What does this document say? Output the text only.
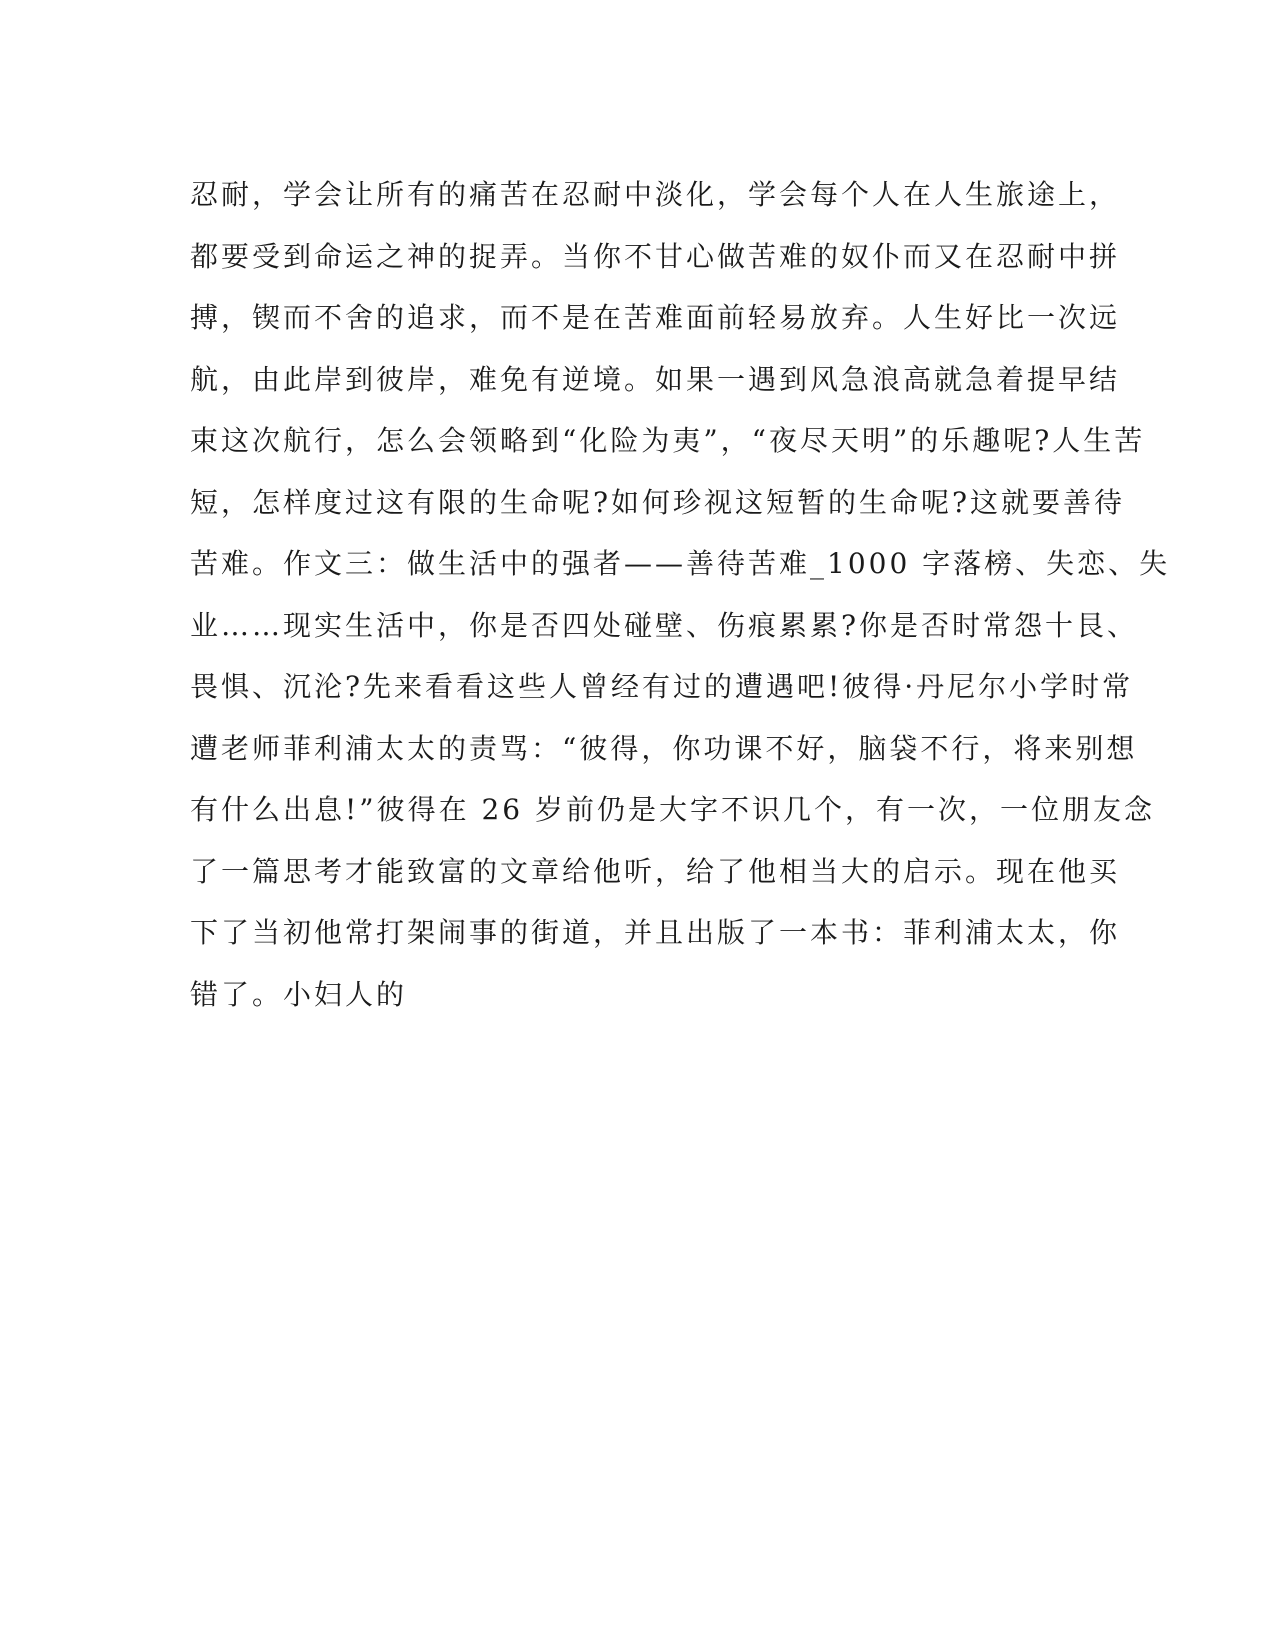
忍耐，学会让所有的痛苦在忍耐中淡化，学会每个人在人生旅途上，
都要受到命运之神的捉弄。当你不甘心做苦难的奴仆而又在忍耐中拼
搏，锲而不舍的追求，而不是在苦难面前轻易放弃。人生好比一次远
航，由此岸到彼岸，难免有逆境。如果一遇到风急浪高就急着提早结
束这次航行，怎么会领略到“化险为夷”，“夜尽天明”的乐趣呢?人生苦
短，怎样度过这有限的生命呢?如何珍视这短暂的生命呢?这就要善待
苦难。作文三：做生活中的强者——善待苦难_1000 字落榜、失恋、失
业……现实生活中，你是否四处碰壁、伤痕累累?你是否时常怨十艮、
畏惧、沉沦?先来看看这些人曾经有过的遭遇吧!彼得·丹尼尔小学时常
遭老师菲利浦太太的责骂：“彼得，你功课不好，脑袋不行，将来别想
有什么出息!”彼得在 26 岁前仍是大字不识几个，有一次，一位朋友念
了一篇思考才能致富的文章给他听，给了他相当大的启示。现在他买
下了当初他常打架闹事的街道，并且出版了一本书：菲利浦太太，你
错了。小妇人的
